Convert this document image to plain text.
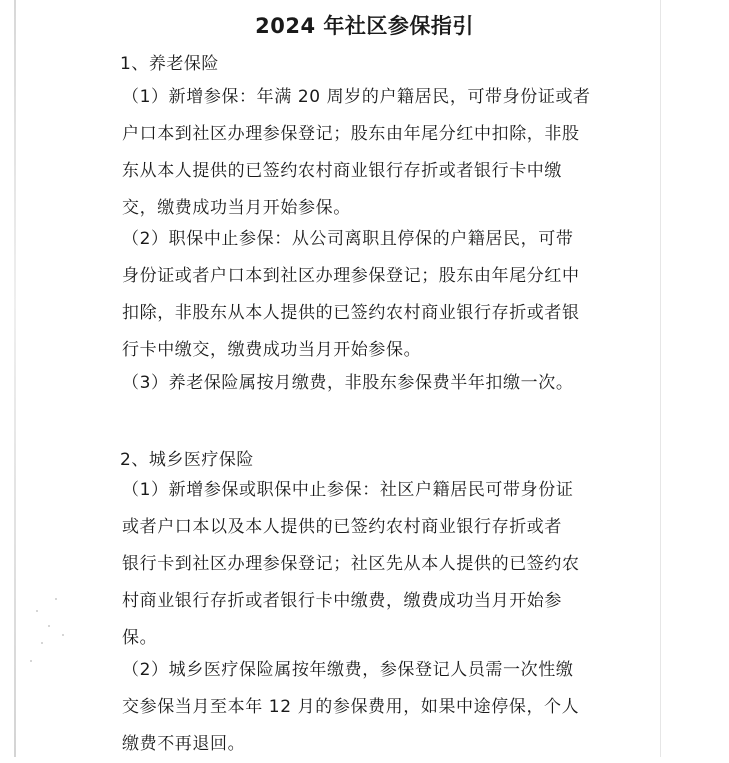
2024 年社区参保指引
1、养老保险
（1）新增参保：年满 20 周岁的户籍居民，可带身份证或者
户口本到社区办理参保登记；股东由年尾分红中扣除，非股
东从本人提供的已签约农村商业银行存折或者银行卡中缴
交，缴费成功当月开始参保。
（2）职保中止参保：从公司离职且停保的户籍居民，可带
身份证或者户口本到社区办理参保登记；股东由年尾分红中
扣除，非股东从本人提供的已签约农村商业银行存折或者银
行卡中缴交，缴费成功当月开始参保。
（3）养老保险属按月缴费，非股东参保费半年扣缴一次。
2、城乡医疗保险
（1）新增参保或职保中止参保：社区户籍居民可带身份证
或者户口本以及本人提供的已签约农村商业银行存折或者
银行卡到社区办理参保登记；社区先从本人提供的已签约农
村商业银行存折或者银行卡中缴费，缴费成功当月开始参
保。
（2）城乡医疗保险属按年缴费，参保登记人员需一次性缴
交参保当月至本年 12 月的参保费用，如果中途停保，个人
缴费不再退回。
